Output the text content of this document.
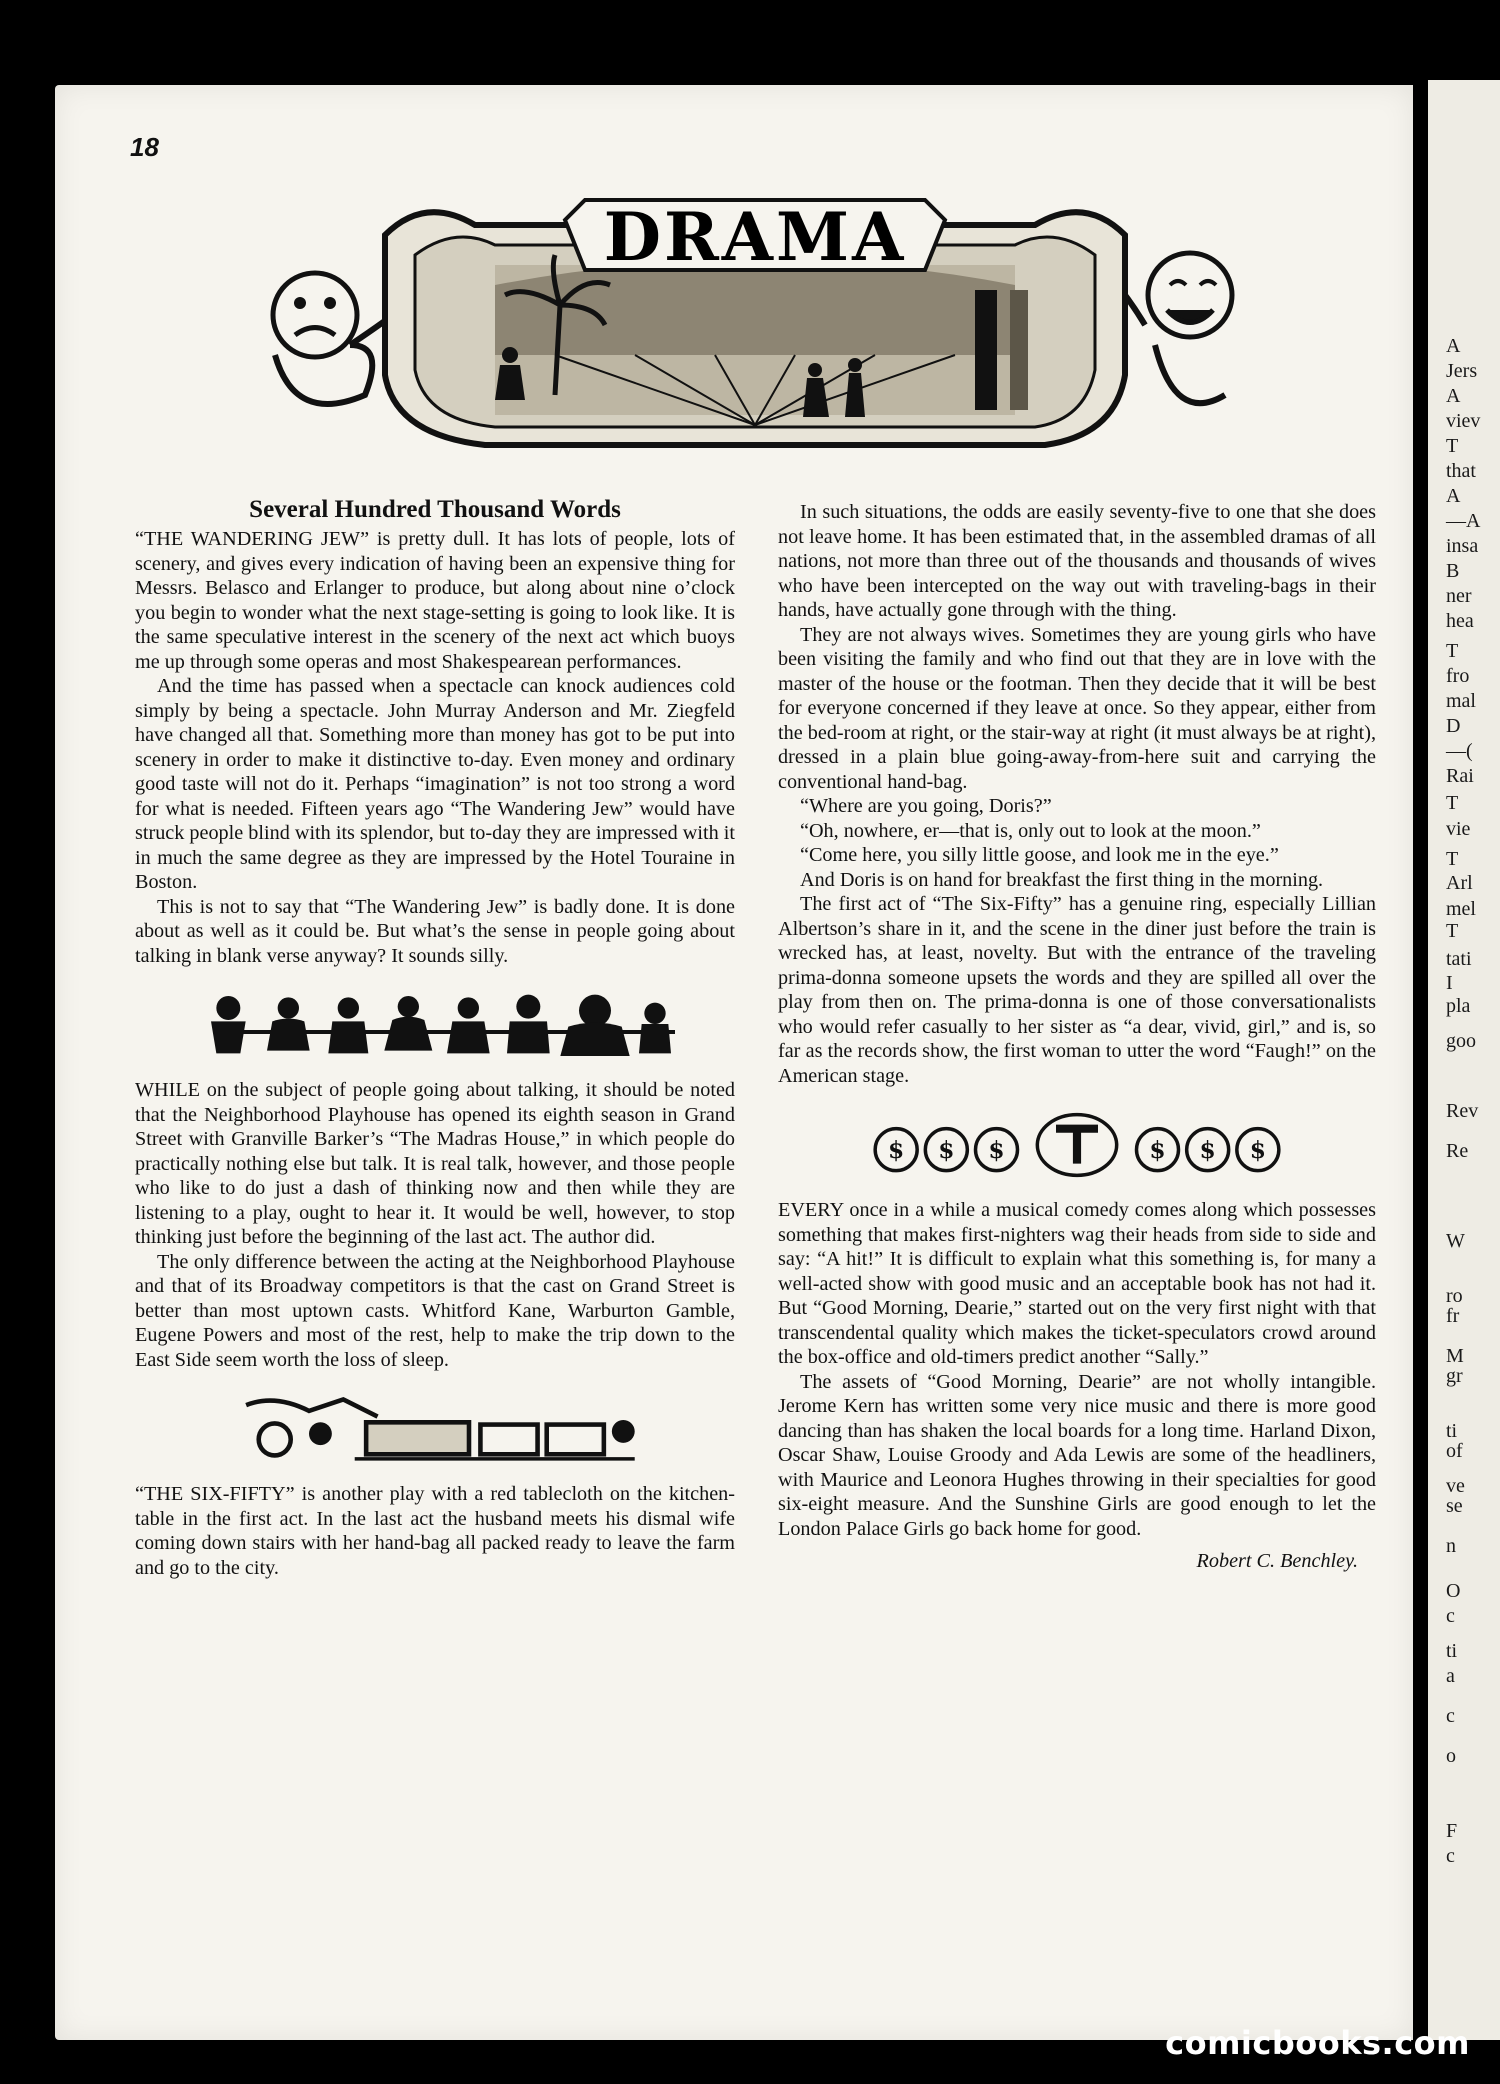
A
Jers
A
viev
T
that
A
—A
insa
B
ner
hea
T
fro
mal
D
—(
Rai
T
vie
T
Arl
mel
T
tati
I
pla
goo
Rev
Re
W
ro
fr
M
gr
ti
of
ve
se
n
O
c
ti
a
c
o
F
c
18
DRAMA
Several Hundred Thousand Words

“THE WANDERING JEW” is pretty dull. It has lots of people, lots of scenery, and gives every indication of having been an expensive thing for Messrs. Belasco and Erlanger to produce, but along about nine o’clock you begin to wonder what the next stage-setting is going to look like. It is the same speculative interest in the scenery of the next act which buoys me up through some operas and most Shakespearean performances.

And the time has passed when a spectacle can knock audiences cold simply by being a spectacle. John Murray Anderson and Mr. Ziegfeld have changed all that. Something more than money has got to be put into scenery in order to make it distinctive to-day. Even money and ordinary good taste will not do it. Perhaps “imagination” is not too strong a word for what is needed. Fifteen years ago “The Wandering Jew” would have struck people blind with its splendor, but to-day they are impressed with it in much the same degree as they are impressed by the Hotel Touraine in Boston.

This is not to say that “The Wandering Jew” is badly done. It is done about as well as it could be. But what’s the sense in people going about talking in blank verse anyway? It sounds silly.

WHILE on the subject of people going about talking, it should be noted that the Neighborhood Playhouse has opened its eighth season in Grand Street with Granville Barker’s “The Madras House,” in which people do practically nothing else but talk. It is real talk, however, and those people who like to do just a dash of thinking now and then while they are listening to a play, ought to hear it. It would be well, however, to stop thinking just before the beginning of the last act. The author did.

The only difference between the acting at the Neighborhood Playhouse and that of its Broadway competitors is that the cast on Grand Street is better than most uptown casts. Whitford Kane, Warburton Gamble, Eugene Powers and most of the rest, help to make the trip down to the East Side seem worth the loss of sleep.

“THE SIX-FIFTY” is another play with a red tablecloth on the kitchen-table in the first act. In the last act the husband meets his dismal wife coming down stairs with her hand-bag all packed ready to leave the farm and go to the city.

In such situations, the odds are easily seventy-five to one that she does not leave home. It has been estimated that, in the assembled dramas of all nations, not more than three out of the thousands and thousands of wives who have been intercepted on the way out with traveling-bags in their hands, have actually gone through with the thing.

They are not always wives. Sometimes they are young girls who have been visiting the family and who find out that they are in love with the master of the house or the footman. Then they decide that it will be best for everyone concerned if they leave at once. So they appear, either from the bed-room at right, or the stair-way at right (it must always be at right), dressed in a plain blue going-away-from-here suit and carrying the conventional hand-bag.

“Where are you going, Doris?”

“Oh, nowhere, er—that is, only out to look at the moon.”

“Come here, you silly little goose, and look me in the eye.”

And Doris is on hand for breakfast the first thing in the morning.

The first act of “The Six-Fifty” has a genuine ring, especially Lillian Albertson’s share in it, and the scene in the diner just before the train is wrecked has, at least, novelty. But with the entrance of the traveling prima-donna someone upsets the words and they are spilled all over the play from then on. The prima-donna is one of those conversationalists who would refer casually to her sister as “a dear, vivid, girl,” and is, so far as the records show, the first woman to utter the word “Faugh!” on the American stage.

$ $ $	$ $ $

EVERY once in a while a musical comedy comes along which possesses something that makes first-nighters wag their heads from side to side and say: “A hit!” It is difficult to explain what this something is, for many a well-acted show with good music and an acceptable book has not had it. But “Good Morning, Dearie,” started out on the very first night with that transcendental quality which makes the ticket-speculators crowd around the box-office and old-timers predict another “Sally.”

The assets of “Good Morning, Dearie” are not wholly intangible. Jerome Kern has written some very nice music and there is more good dancing than has shaken the local boards for a long time. Harland Dixon, Oscar Shaw, Louise Groody and Ada Lewis are some of the headliners, with Maurice and Leonora Hughes throwing in their specialties for good six-eight measure. And the Sunshine Girls are good enough to let the London Palace Girls go back home for good.

Robert C. Benchley.
comicbooks.com
